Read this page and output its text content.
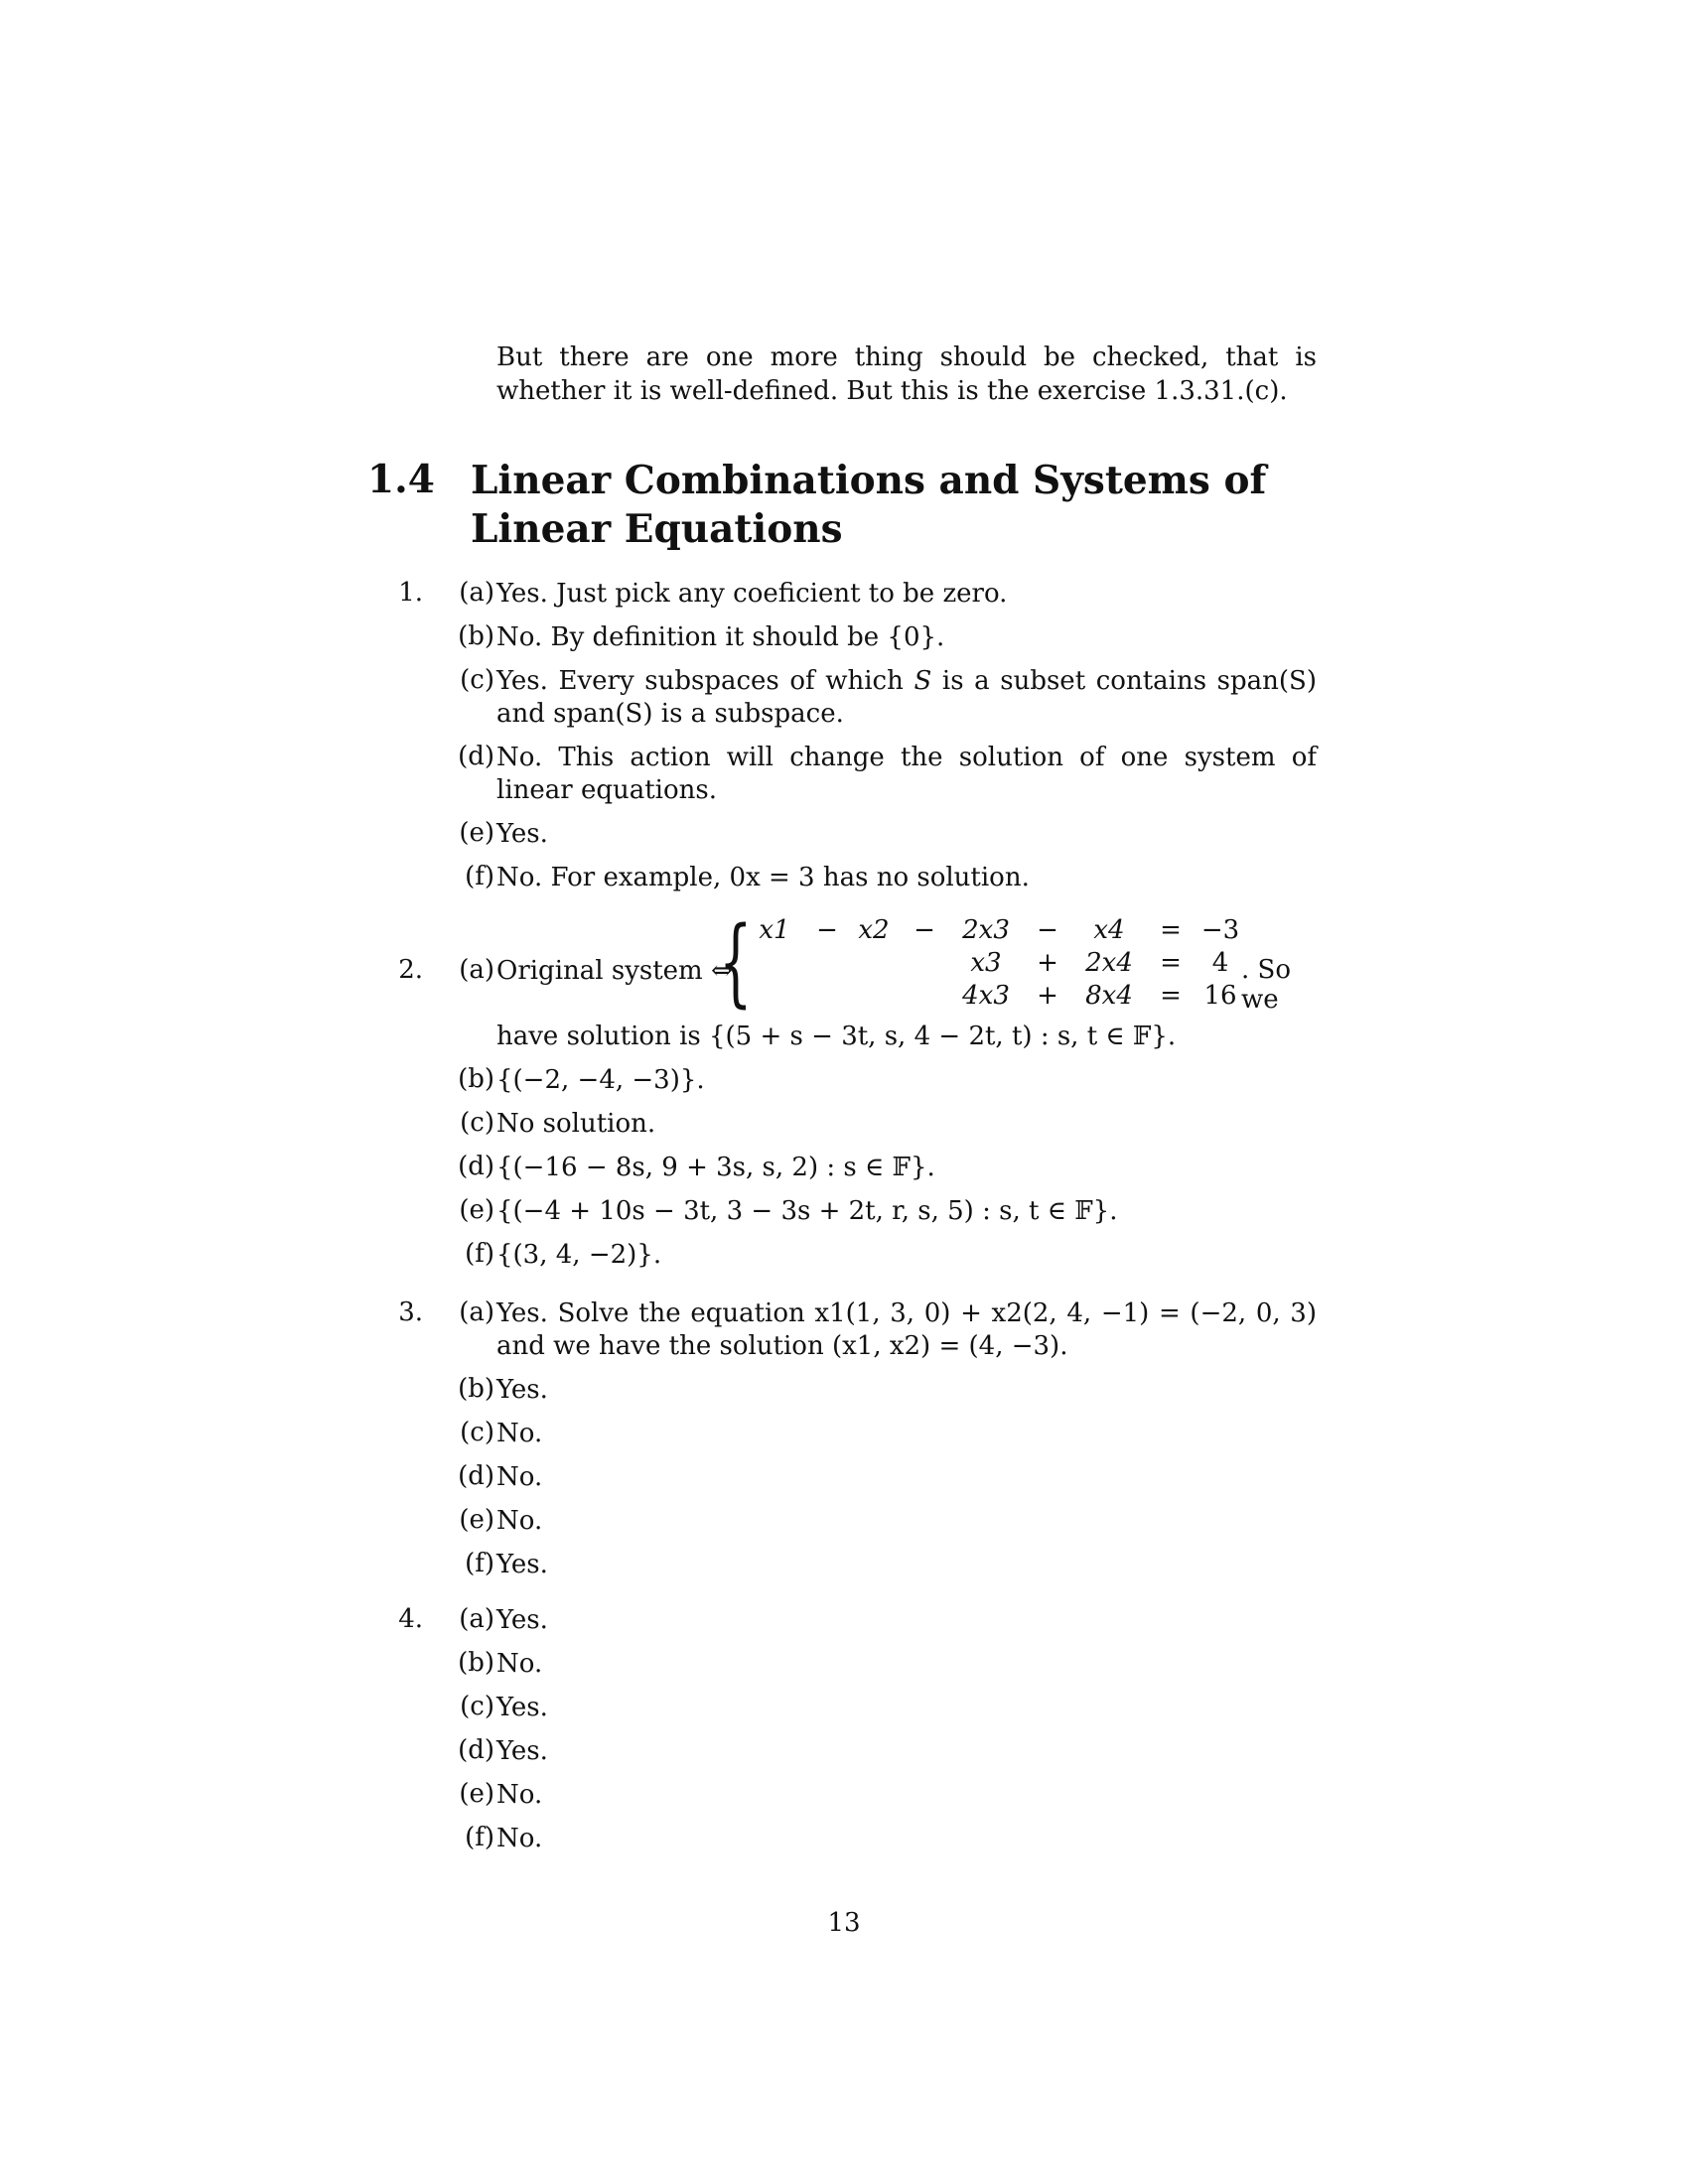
But there are one more thing should be checked, that is whether it is well-defined. But this is the exercise 1.3.31.(c).
1.4 Linear Combinations and Systems of Linear Equations
1.	(a) Yes. Just pick any coeficient to be zero.
(b) No. By definition it should be {0}.
(c) Yes. Every subspaces of which S is a subset contains span(S) and span(S) is a subspace.
(d) No. This action will change the solution of one system of linear equations.
(e) Yes.
(f) No. For example, 0x = 3 has no solution.
{ x1 − x2 −	2x3	−	x4	= −3
x3	+	2x4	=	4
4x3	+	8x4	= 16
2.	(a) Original system ⇔	. So we
have solution is {(5 + s − 3t, s, 4 − 2t, t) : s, t ∈ 𝔽}.
(b) {(−2, −4, −3)}.
(c) No solution.
(d) {(−16 − 8s, 9 + 3s, s, 2) : s ∈ 𝔽}.
(e) {(−4 + 10s − 3t, 3 − 3s + 2t, r, s, 5) : s, t ∈ 𝔽}.
(f) {(3, 4, −2)}.
3.	(a) Yes. Solve the equation x1(1, 3, 0) + x2(2, 4, −1) = (−2, 0, 3) and we have the solution (x1, x2) = (4, −3).
(b) Yes.
(c) No.
(d) No.
(e) No.
(f) Yes.
4.	(a) Yes.
(b) No.
(c) Yes.
(d) Yes.
(e) No.
(f) No.
13
